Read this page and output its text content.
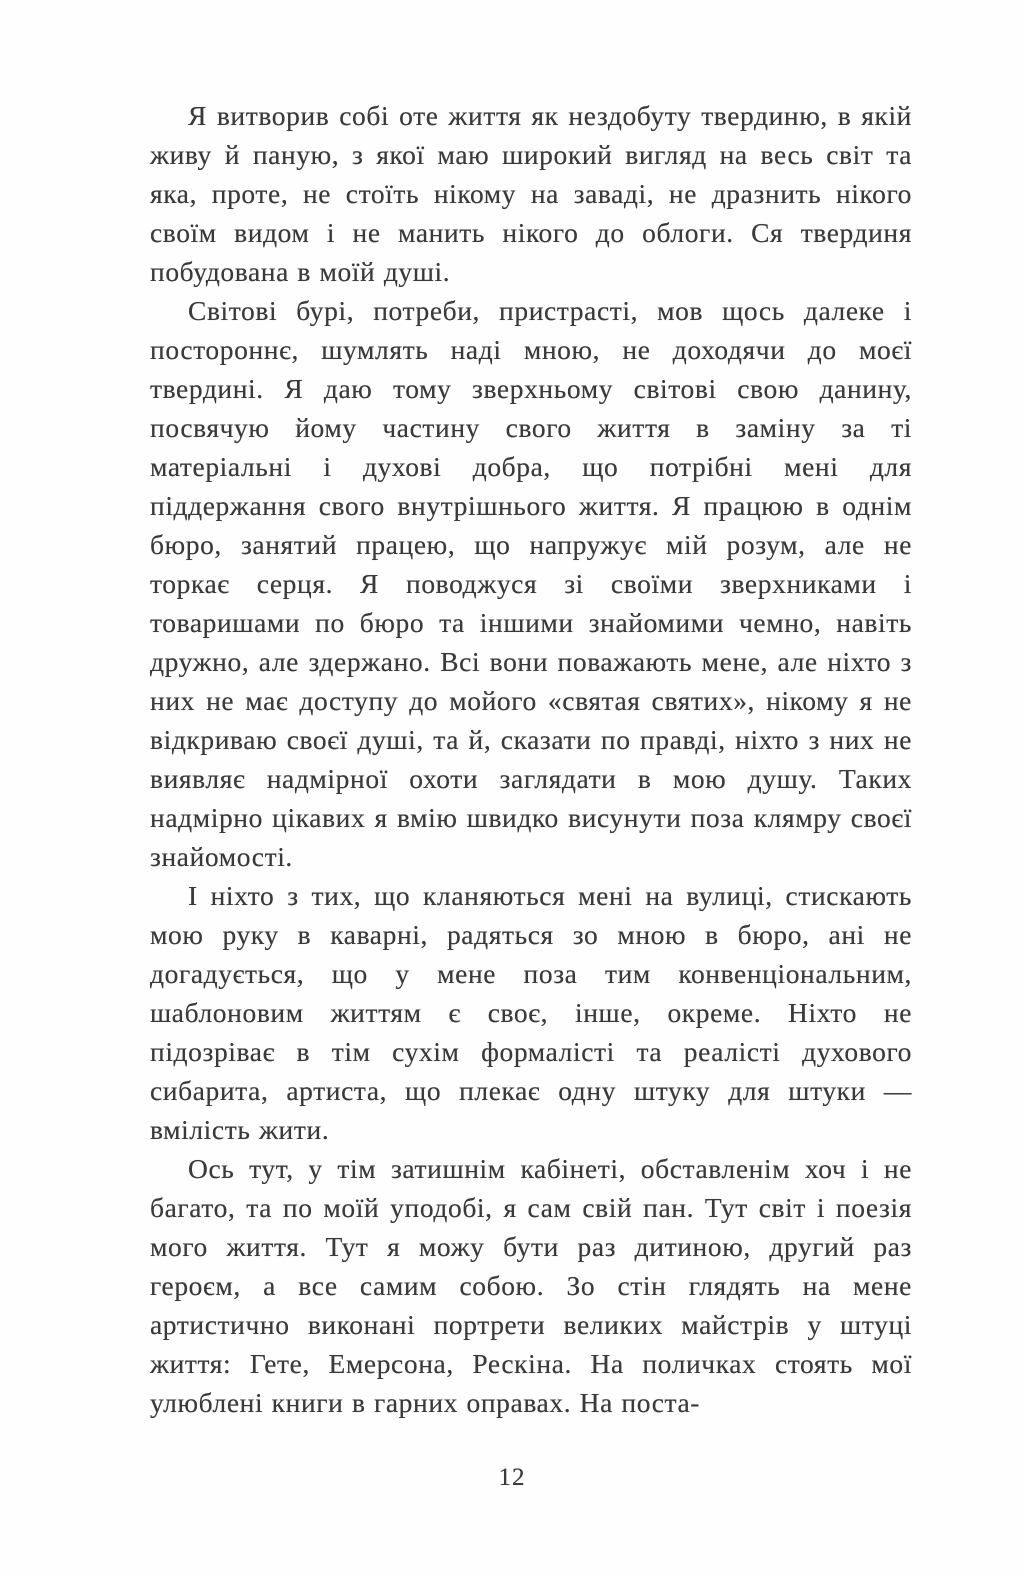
Я витворив собі оте життя як нездобуту твердиню, в якій живу й паную, з якої маю широкий вигляд на весь світ та яка, проте, не стоїть нікому на заваді, не дразнить нікого своїм видом і не манить нікого до облоги. Ся твердиня побудована в моїй душі.

Світові бурі, потреби, пристрасті, мов щось далеке і постороннє, шумлять наді мною, не доходячи до моєї твердині. Я даю тому зверхньому світові свою данину, посвячую йому частину свого життя в заміну за ті матеріальні і духові добра, що потрібні мені для піддержання свого внутрішнього життя. Я працюю в однім бюро, занятий працею, що напружує мій розум, але не торкає серця. Я поводжуся зі своїми зверхниками і товаришами по бюро та іншими знайомими чемно, навіть дружно, але здержано. Всі вони поважають мене, але ніхто з них не має доступу до мойого «святая святих», нікому я не відкриваю своєї душі, та й, сказати по правді, ніхто з них не виявляє надмірної охоти заглядати в мою душу. Таких надмірно цікавих я вмію швидко висунути поза клямру своєї знайомості.

І ніхто з тих, що кланяються мені на вулиці, стискають мою руку в каварні, радяться зо мною в бюро, ані не догадується, що у мене поза тим конвенціональним, шаблоновим життям є своє, інше, окреме. Ніхто не підозріває в тім сухім формалісті та реалісті духового сибарита, артиста, що плекає одну штуку для штуки — вмілість жити.

Ось тут, у тім затишнім кабінеті, обставленім хоч і не багато, та по моїй уподобі, я сам свій пан. Тут світ і поезія мого життя. Тут я можу бути раз дитиною, другий раз героєм, а все самим собою. Зо стін глядять на мене артистично виконані портрети великих майстрів у штуці життя: Гете, Емерсона, Рескіна. На поличках стоять мої улюблені книги в гарних оправах. На поста-

12
